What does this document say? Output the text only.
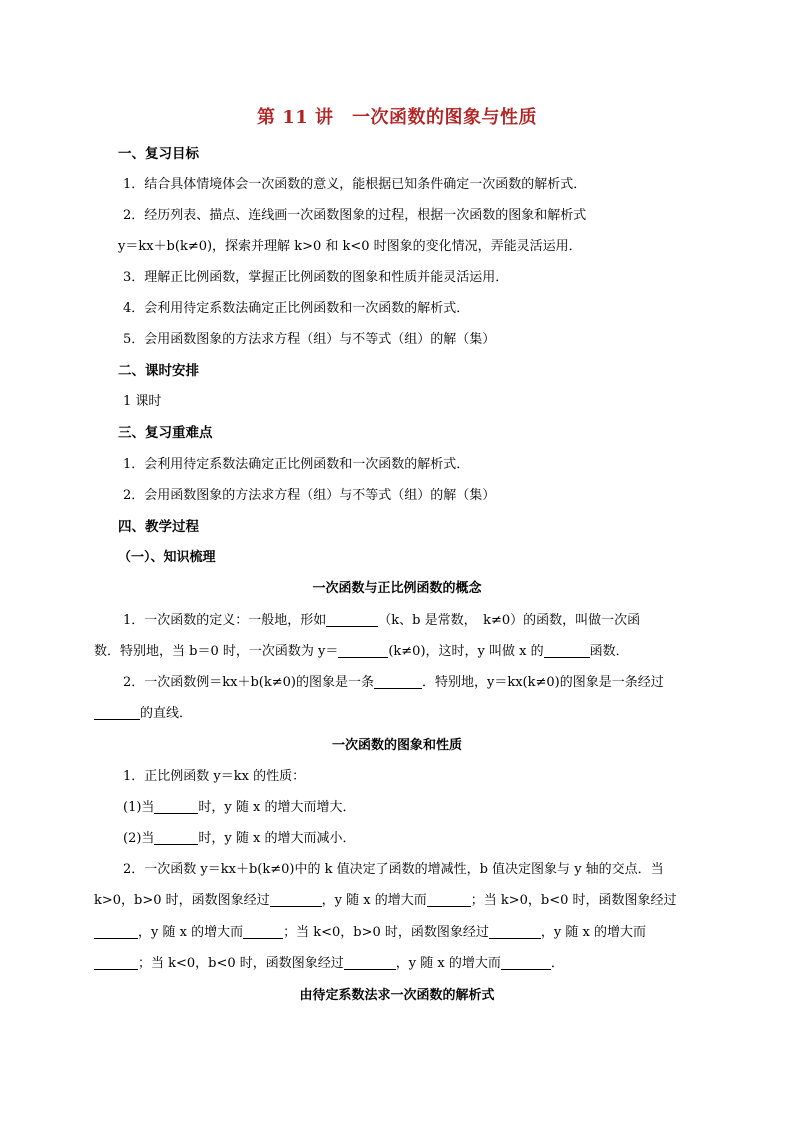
第 11 讲　一次函数的图象与性质
一、复习目标
1．结合具体情境体会一次函数的意义，能根据已知条件确定一次函数的解析式．
2．经历列表、描点、连线画一次函数图象的过程，根据一次函数的图象和解析式
y＝kx＋b(k≠0)，探索并理解 k>0 和 k<0 时图象的变化情况，弄能灵活运用．
3．理解正比例函数，掌握正比例函数的图象和性质并能灵活运用．
4．会利用待定系数法确定正比例函数和一次函数的解析式．
5．会用函数图象的方法求方程（组）与不等式（组）的解（集）
二、课时安排
1 课时
三、复习重难点
1．会利用待定系数法确定正比例函数和一次函数的解析式．
2．会用函数图象的方法求方程（组）与不等式（组）的解（集）
四、教学过程
（一）、知识梳理
一次函数与正比例函数的概念
1．一次函数的定义：一般地，形如	（k、b 是常数，　k≠0）的函数，叫做一次函
数．特别地，当 b＝0 时，一次函数为 y＝	(k≠0)，这时，y 叫做 x 的	函数．
2．一次函数例＝kx＋b(k≠0)的图象是一条	．特别地，y＝kx(k≠0)的图象是一条经过
的直线．
一次函数的图象和性质
1．正比例函数 y＝kx 的性质：
(1)当	时，y 随 x 的增大而增大．
(2)当	时，y 随 x 的增大而减小．
2．一次函数 y＝kx＋b(k≠0)中的 k 值决定了函数的增减性，b 值决定图象与 y 轴的交点．当
k>0，b>0 时，函数图象经过	，y 随 x 的增大而	；当 k>0，b<0 时，函数图象经过
，y 随 x 的增大而	；当 k<0，b>0 时，函数图象经过	，y 随 x 的增大而
；当 k<0，b<0 时，函数图象经过	，y 随 x 的增大而	．
由待定系数法求一次函数的解析式
